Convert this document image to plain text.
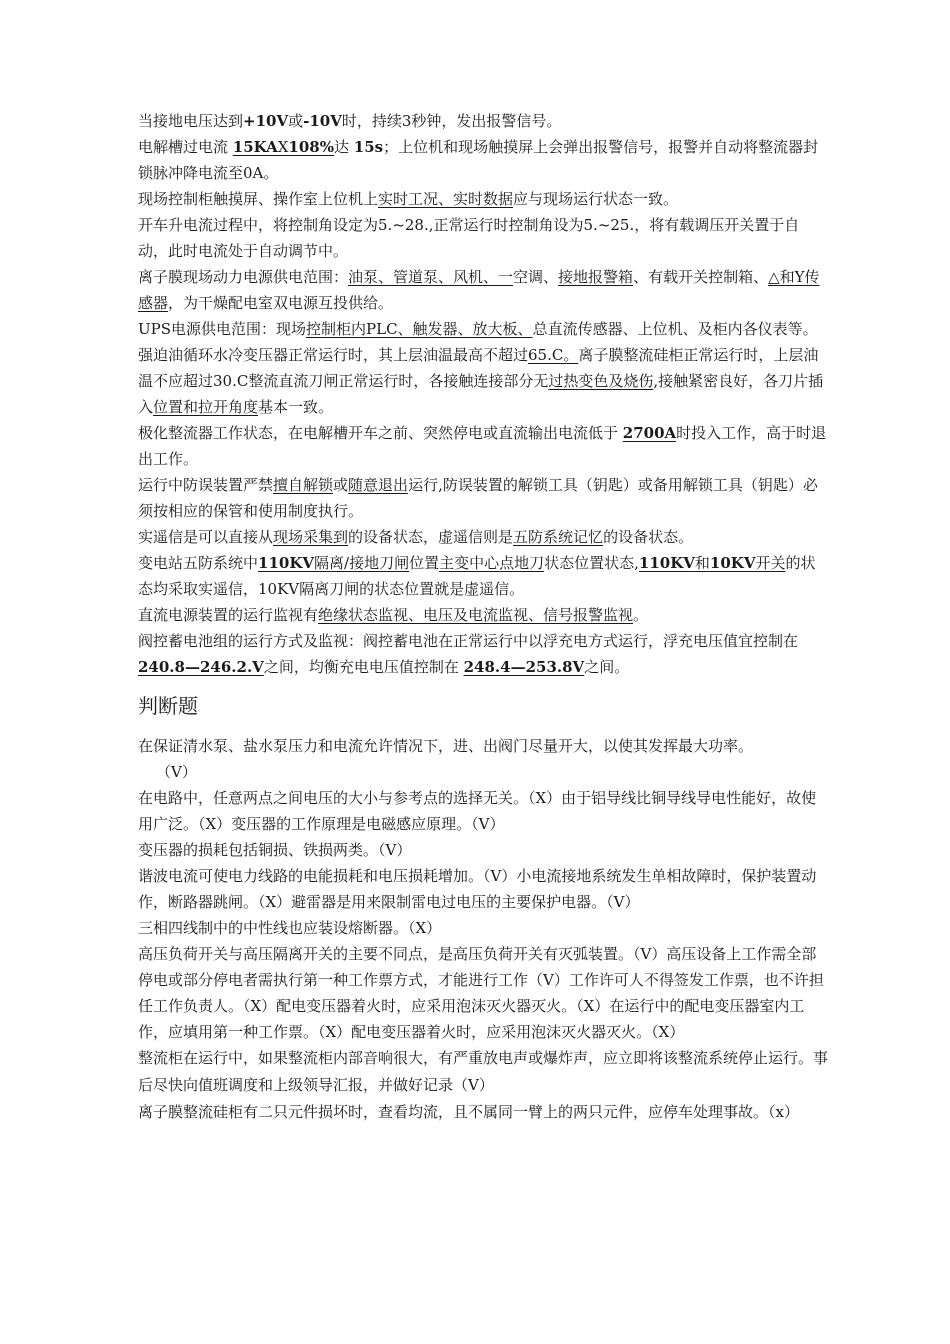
当接地电压达到+10V或-10V时，持续3秒钟，发出报警信号。

电解槽过电流 15KAX108%达 15s；上位机和现场触摸屏上会弹出报警信号，报警并自动将整流器封锁脉冲降电流至0A。

现场控制柜触摸屏、操作室上位机上实时工况、实时数据应与现场运行状态一致。

开车升电流过程中，将控制角设定为5.~28.,正常运行时控制角设为5.~25.，将有载调压开关置于自动，此时电流处于自动调节中。

离子膜现场动力电源供电范围：油泵、管道泵、风机、一空调、接地报警箱、有载开关控制箱、△和Y传感器，为干燥配电室双电源互投供给。

UPS电源供电范围：现场控制柜内PLC、触发器、放大板、总直流传感器、上位机、及柜内各仪表等。

强迫油循环水冷变压器正常运行时，其上层油温最高不超过65.C。离子膜整流硅柜正常运行时，上层油温不应超过30.C整流直流刀闸正常运行时，各接触连接部分无过热变色及烧伤,接触紧密良好，各刀片插入位置和拉开角度基本一致。

极化整流器工作状态，在电解槽开车之前、突然停电或直流输出电流低于 2700A时投入工作，高于时退出工作。

运行中防误装置严禁擅自解锁或随意退出运行,防误装置的解锁工具（钥匙）或备用解锁工具（钥匙）必须按相应的保管和使用制度执行。

实遥信是可以直接从现场采集到的设备状态，虚遥信则是五防系统记忆的设备状态。

变电站五防系统中110KV隔离/接地刀闸位置主变中心点地刀状态位置状态,110KV和10KV开关的状态均采取实遥信，10KV隔离刀闸的状态位置就是虚遥信。

直流电源装置的运行监视有绝缘状态监视、电压及电流监视、信号报警监视。

阀控蓄电池组的运行方式及监视：阀控蓄电池在正常运行中以浮充电方式运行，浮充电压值宜控制在 240.8—246.2.V之间，均衡充电电压值控制在 248.4—253.8V之间。

判断题

在保证清水泵、盐水泵压力和电流允许情况下，进、出阀门尽量开大，以使其发挥最大功率。

（V）

在电路中，任意两点之间电压的大小与参考点的选择无关。（X）由于铝导线比铜导线导电性能好，故使用广泛。（X）变压器的工作原理是电磁感应原理。（V）

变压器的损耗包括铜损、铁损两类。（V）

谐波电流可使电力线路的电能损耗和电压损耗增加。（V）小电流接地系统发生单相故障时，保护装置动作，断路器跳闸。（X）避雷器是用来限制雷电过电压的主要保护电器。（V）

三相四线制中的中性线也应装设熔断器。（X）

高压负荷开关与高压隔离开关的主要不同点，是高压负荷开关有灭弧装置。（V）高压设备上工作需全部停电或部分停电者需执行第一种工作票方式，才能进行工作（V）工作许可人不得签发工作票，也不许担任工作负责人。（X）配电变压器着火时，应采用泡沫灭火器灭火。（X）在运行中的配电变压器室内工作，应填用第一种工作票。（X）配电变压器着火时，应采用泡沫灭火器灭火。（X）

整流柜在运行中，如果整流柜内部音响很大，有严重放电声或爆炸声，应立即将该整流系统停止运行。事后尽快向值班调度和上级领导汇报，并做好记录（V）

离子膜整流硅柜有二只元件损坏时，查看均流，且不属同一臂上的两只元件，应停车处理事故。（x）
